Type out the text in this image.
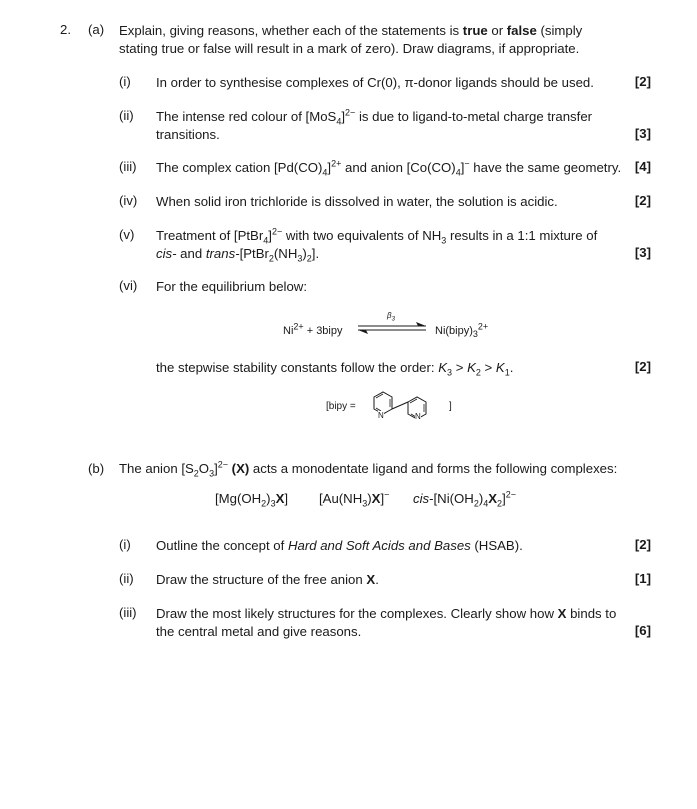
2. (a) Explain, giving reasons, whether each of the statements is true or false (simply
stating true or false will result in a mark of zero). Draw diagrams, if appropriate.
(i) In order to synthesise complexes of Cr(0), π-donor ligands should be used.	[2]
(ii) The intense red colour of $[MoS_4]^{2-}$ is due to ligand-to-metal charge transfer
transitions.	[3]
(iii) The complex cation $[Pd(CO)_4]^{2+}$ and anion $[Co(CO)_4]^-$ have the same geometry. [4]
(iv) When solid iron trichloride is dissolved in water, the solution is acidic.	[2]
(v) Treatment of [PtBr$_4$]$^{2-}$ with two equivalents of $NH_3$ results in a 1:1 mixture of
cis- and trans-$[PtBr_2(NH_3)_2]$.	[3]
(vi) For the equilibrium below:
$Ni^{2+}$ + 3bipy
$\beta_3$
$Ni(bipy)_3^{2+}$
the stepwise stability constants follow the order: $K_3 > K_2 > K_1$.	[2]
[bipy =
N	N
]
(b) The anion $[S_2O_3]^{2-}$ (X) acts a monodentate ligand and forms the following complexes:
$[Mg(OH_2)_3X]$ $[Au(NH_3)X]^-$ cis-$[Ni(OH_2)_4X_2]^{2-}$
(i) Outline the concept of Hard and Soft Acids and Bases (HSAB).	[2]
(ii) Draw the structure of the free anion X.	[1]
(iii) Draw the most likely structures for the complexes. Clearly show how X binds to
the central metal and give reasons.	[6]
